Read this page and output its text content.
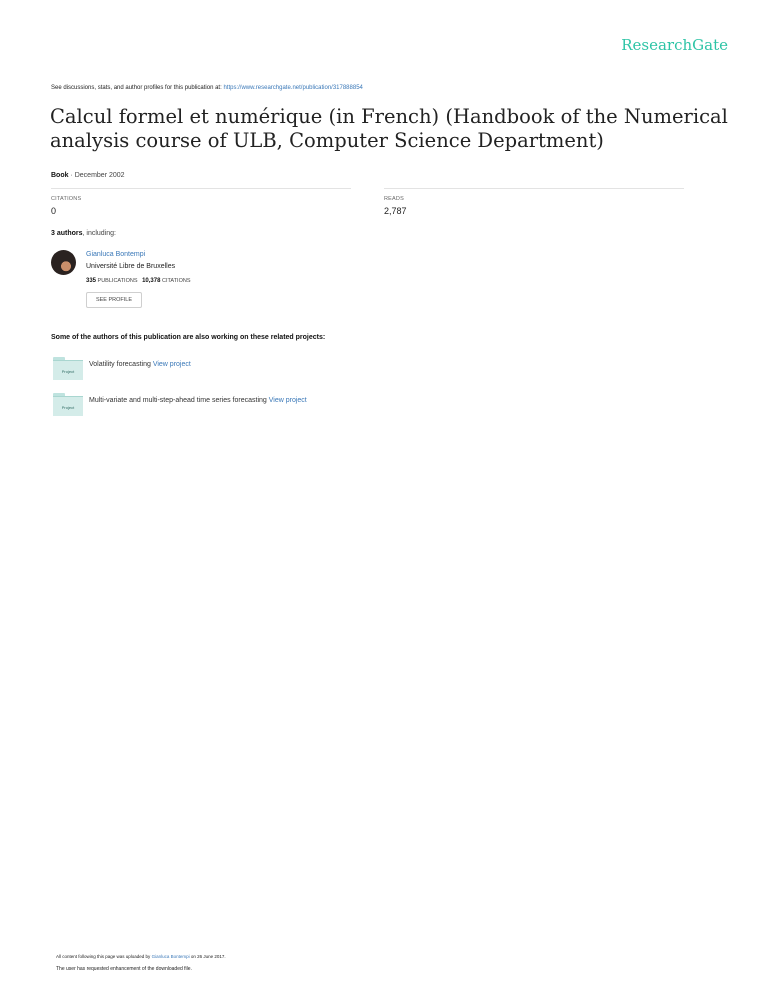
ResearchGate
See discussions, stats, and author profiles for this publication at: https://www.researchgate.net/publication/317888854
Calcul formel et numérique (in French) (Handbook of the Numerical analysis course of ULB, Computer Science Department)
Book · December 2002
CITATIONS
0
READS
2,787
3 authors, including:
Gianluca Bontempi
Université Libre de Bruxelles
335 PUBLICATIONS 10,378 CITATIONS
SEE PROFILE
Some of the authors of this publication are also working on these related projects:
Project
Volatility forecasting View project
Project
Multi-variate and multi-step-ahead time series forecasting View project
All content following this page was uploaded by Gianluca Bontempi on 26 June 2017.
The user has requested enhancement of the downloaded file.
